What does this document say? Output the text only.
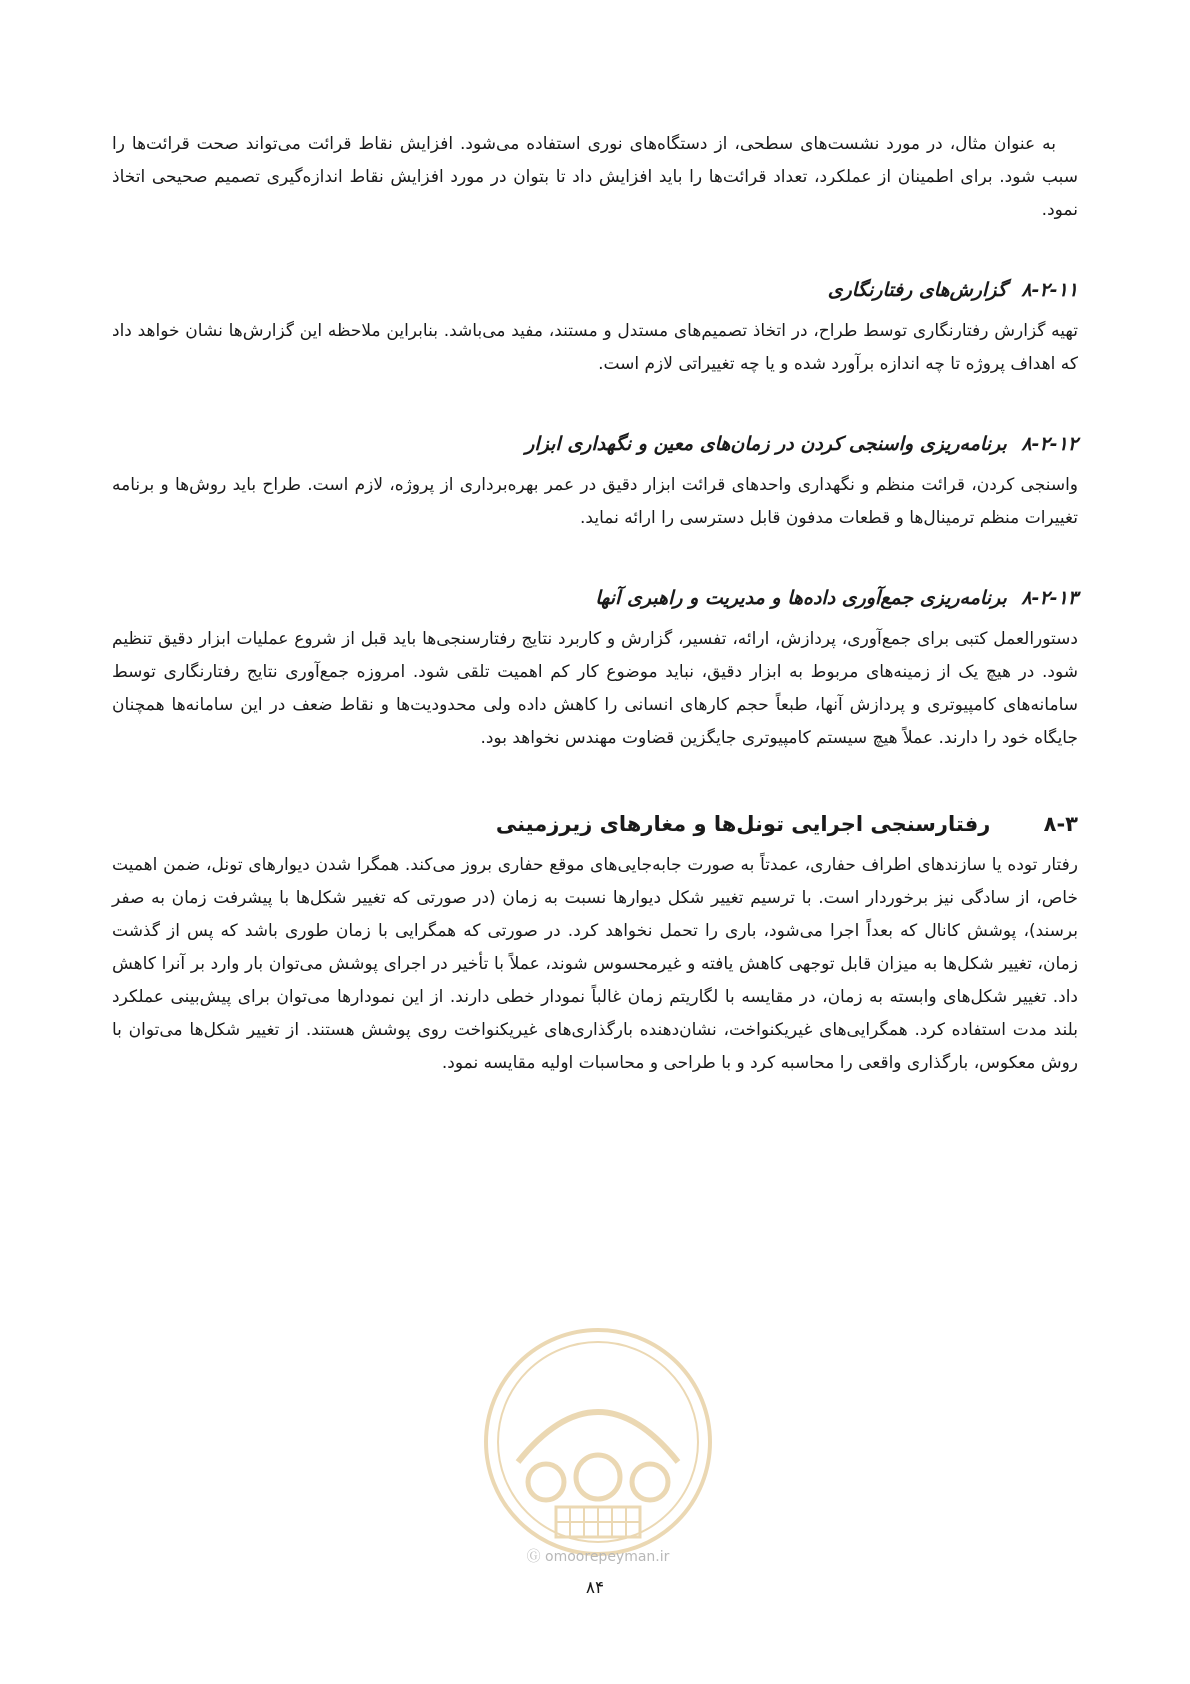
به عنوان مثال، در مورد نشست‌های سطحی، از دستگاه‌های نوری استفاده می‌شود. افزایش نقاط قرائت می‌تواند صحت قرائت‌ها را سبب شود. برای اطمینان از عملکرد، تعداد قرائت‌ها را باید افزایش داد تا بتوان در مورد افزایش نقاط اندازه‌گیری تصمیم صحیحی اتخاذ نمود.

۸-۲-۱۱ گزارش‌های رفتارنگاری

تهیه گزارش رفتارنگاری توسط طراح، در اتخاذ تصمیم‌های مستدل و مستند، مفید می‌باشد. بنابراین ملاحظه این گزارش‌ها نشان خواهد داد که اهداف پروژه تا چه اندازه برآورد شده و یا چه تغییراتی لازم است.

۸-۲-۱۲ برنامه‌ریزی واسنجی کردن در زمان‌های معین و نگهداری ابزار

واسنجی کردن، قرائت منظم و نگهداری واحدهای قرائت ابزار دقیق در عمر بهره‌برداری از پروژه، لازم است. طراح باید روش‌ها و برنامه تغییرات منظم ترمینال‌ها و قطعات مدفون قابل دسترسی را ارائه نماید.

۸-۲-۱۳ برنامه‌ریزی جمع‌آوری داده‌ها و مدیریت و راهبری آنها

دستورالعمل کتبی برای جمع‌آوری، پردازش، ارائه، تفسیر، گزارش و کاربرد نتایج رفتارسنجی‌ها باید قبل از شروع عملیات ابزار دقیق تنظیم شود. در هیچ یک از زمینه‌های مربوط به ابزار دقیق، نباید موضوع کار کم اهمیت تلقی شود. امروزه جمع‌آوری نتایج رفتارنگاری توسط سامانه‌های کامپیوتری و پردازش آنها، طبعاً حجم کارهای انسانی را کاهش داده ولی محدودیت‌ها و نقاط ضعف در این سامانه‌ها همچنان جایگاه خود را دارند. عملاً هیچ سیستم کامپیوتری جایگزین قضاوت مهندس نخواهد بود.

۸-۳ رفتارسنجی اجرایی تونل‌ها و مغارهای زیرزمینی

رفتار توده یا سازندهای اطراف حفاری، عمدتاً به صورت جابه‌جایی‌های موقع حفاری بروز می‌کند. همگرا شدن دیوارهای تونل، ضمن اهمیت خاص، از سادگی نیز برخوردار است. با ترسیم تغییر شکل دیوارها نسبت به زمان (در صورتی که تغییر شکل‌ها با پیشرفت زمان به صفر برسند)، پوشش کانال که بعداً اجرا می‌شود، باری را تحمل نخواهد کرد. در صورتی که همگرایی با زمان طوری باشد که پس از گذشت زمان، تغییر شکل‌ها به میزان قابل توجهی کاهش یافته و غیرمحسوس شوند، عملاً با تأخیر در اجرای پوشش می‌توان بار وارد بر آنرا کاهش داد. تغییر شکل‌های وابسته به زمان، در مقایسه با لگاریتم زمان غالباً نمودار خطی دارند. از این نمودارها می‌توان برای پیش‌بینی عملکرد بلند مدت استفاده کرد. همگرایی‌های غیریکنواخت، نشان‌دهنده بارگذاری‌های غیریکنواخت روی پوشش هستند. از تغییر شکل‌ها می‌توان با روش معکوس، بارگذاری واقعی را محاسبه کرد و با طراحی و محاسبات اولیه مقایسه نمود.

Ⓖ omoorepeyman.ir
۸۴
